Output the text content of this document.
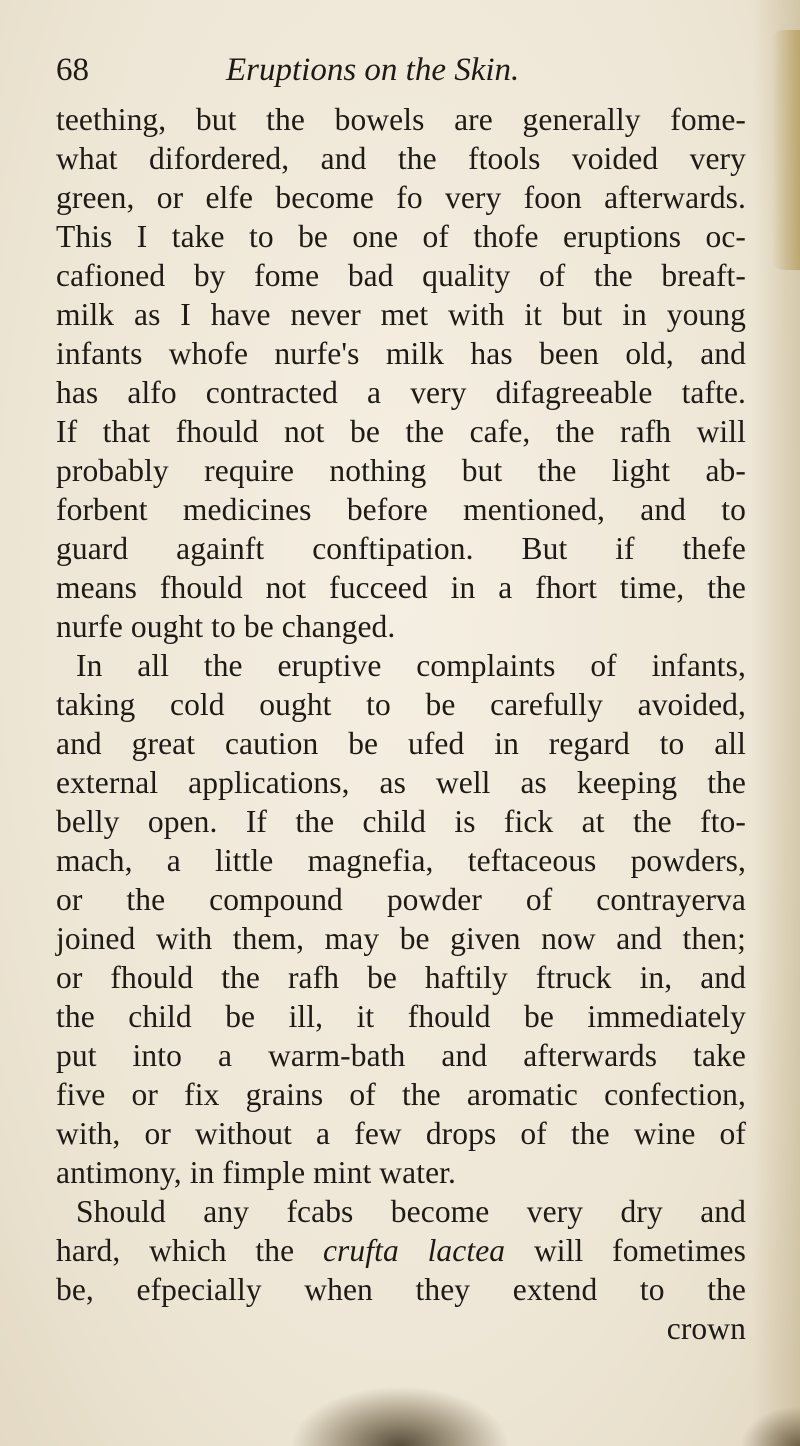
68	Eruptions on the Skin.
teething, but the bowels are generally fome-
what difordered, and the ftools voided very
green, or elfe become fo very foon afterwards.
This I take to be one of thofe eruptions oc-
cafioned by fome bad quality of the breaft-
milk as I have never met with it but in young
infants whofe nurfe's milk has been old, and
has alfo contracted a very difagreeable tafte.
If that fhould not be the cafe, the rafh will
probably require nothing but the light ab-
forbent medicines before mentioned, and to
guard againft conftipation. But if thefe
means fhould not fucceed in a fhort time, the
nurfe ought to be changed.
In all the eruptive complaints of infants,
taking cold ought to be carefully avoided,
and great caution be ufed in regard to all
external applications, as well as keeping the
belly open. If the child is fick at the fto-
mach, a little magnefia, teftaceous powders,
or the compound powder of contrayerva
joined with them, may be given now and then;
or fhould the rafh be haftily ftruck in, and
the child be ill, it fhould be immediately
put into a warm-bath and afterwards take
five or fix grains of the aromatic confection,
with, or without a few drops of the wine of
antimony, in fimple mint water.
Should any fcabs become very dry and
hard, which the crufta lactea will fometimes
be, efpecially when they extend to the
crown
